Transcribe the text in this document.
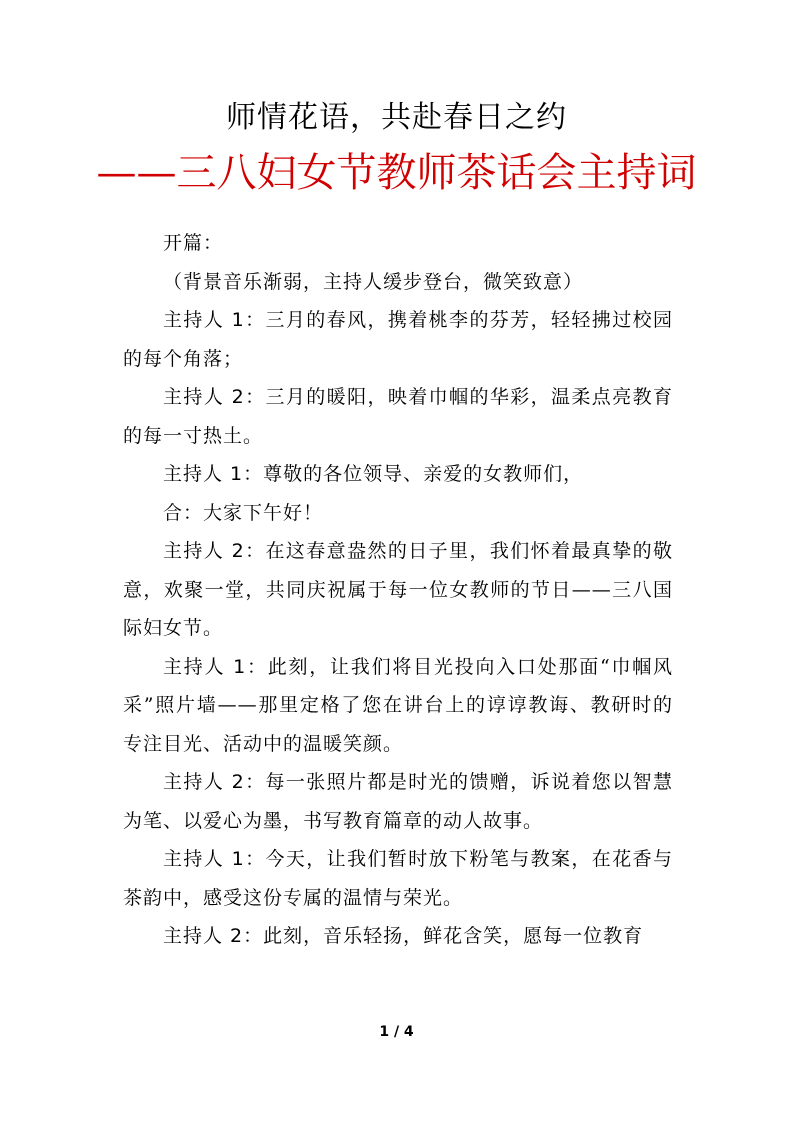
师情花语，共赴春日之约
——三八妇女节教师茶话会主持词

开篇：

（背景音乐渐弱，主持人缓步登台，微笑致意）

主持人 1：三月的春风，携着桃李的芬芳，轻轻拂过校园的每个角落；

主持人 2：三月的暖阳，映着巾帼的华彩，温柔点亮教育的每一寸热土。

主持人 1：尊敬的各位领导、亲爱的女教师们，

合：大家下午好！

主持人 2：在这春意盎然的日子里，我们怀着最真挚的敬意，欢聚一堂，共同庆祝属于每一位女教师的节日——三八国际妇女节。

主持人 1：此刻，让我们将目光投向入口处那面“巾帼风采”照片墙——那里定格了您在讲台上的谆谆教诲、教研时的专注目光、活动中的温暖笑颜。

主持人 2：每一张照片都是时光的馈赠，诉说着您以智慧为笔、以爱心为墨，书写教育篇章的动人故事。

主持人 1：今天，让我们暂时放下粉笔与教案，在花香与茶韵中，感受这份专属的温情与荣光。

主持人 2：此刻，音乐轻扬，鲜花含笑，愿每一位教育

1 / 4
